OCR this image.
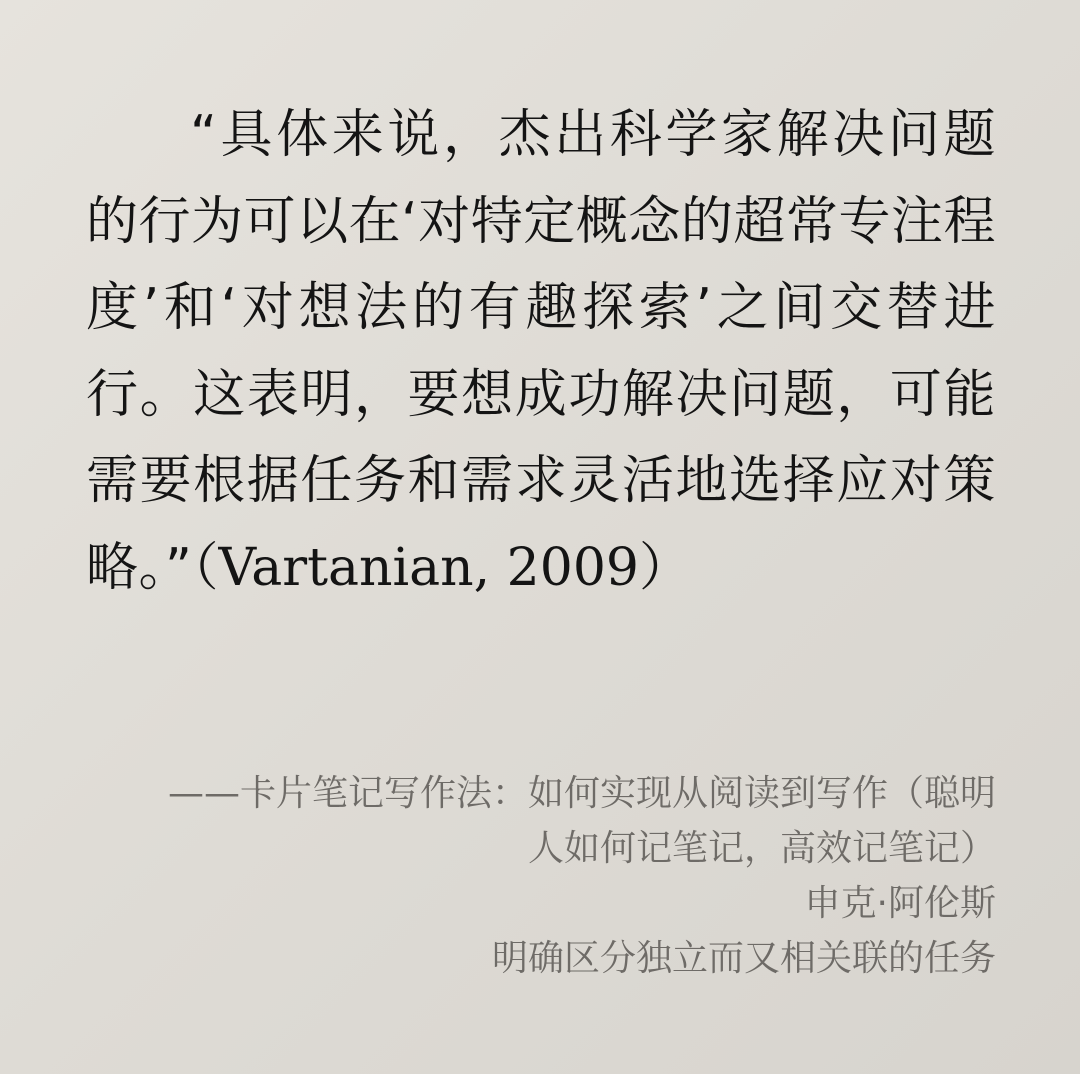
“具体来说，杰出科学家解决问题的行为可以在‘对特定概念的超常专注程度’和‘对想法的有趣探索’之间交替进行。这表明，要想成功解决问题，可能需要根据任务和需求灵活地选择应对策略。”（Vartanian, 2009）

——卡片笔记写作法：如何实现从阅读到写作（聪明人如何记笔记，高效记笔记）
申克·阿伦斯
明确区分独立而又相关联的任务
